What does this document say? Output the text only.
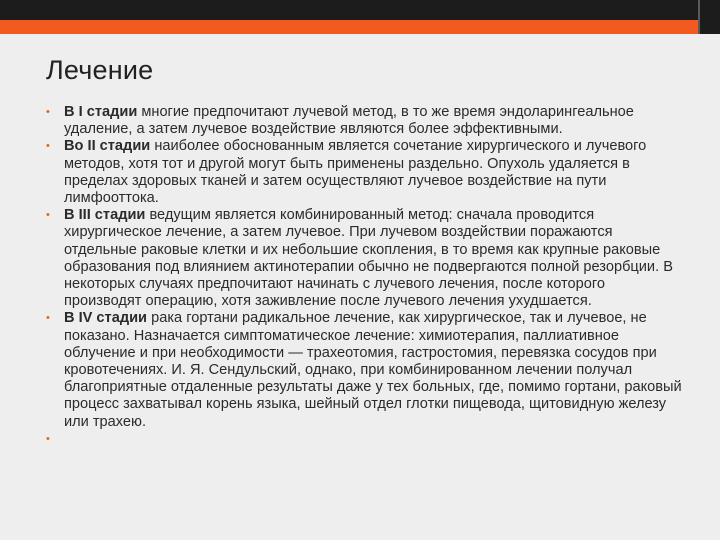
Лечение
• В I стадии многие предпочитают лучевой метод, в то же время эндоларингеальное удаление, а затем лучевое воздействие являются более эффективными.
• Во II стадии наиболее обоснованным является сочетание хирургического и лучевого методов, хотя тот и другой могут быть применены раздельно. Опухоль удаляется в пределах здоровых тканей и затем осуществляют лучевое воздействие на пути лимфооттока.
• В III стадии ведущим является комбинированный метод: сначала проводится хирургическое лечение, а затем лучевое. При лучевом воздействии поражаются отдельные раковые клетки и их небольшие скопления, в то время как крупные раковые образования под влиянием актинотерапии обычно не подвергаются полной резорбции. В некоторых случаях предпочитают начинать с лучевого лечения, после которого производят операцию, хотя заживление после лучевого лечения ухудшается.
• В IV стадии рака гортани радикальное лечение, как хирургическое, так и лучевое, не показано. Назначается симптоматическое лечение: химиотерапия, паллиативное облучение и при необходимости — трахеотомия, гастростомия, перевязка сосудов при кровотечениях. И. Я. Сендульский, однако, при комбинированном лечении получал благоприятные отдаленные результаты даже у тех больных, где, помимо гортани, раковый процесс захватывал корень языка, шейный отдел глотки пищевода, щитовидную железу или трахею.
•
